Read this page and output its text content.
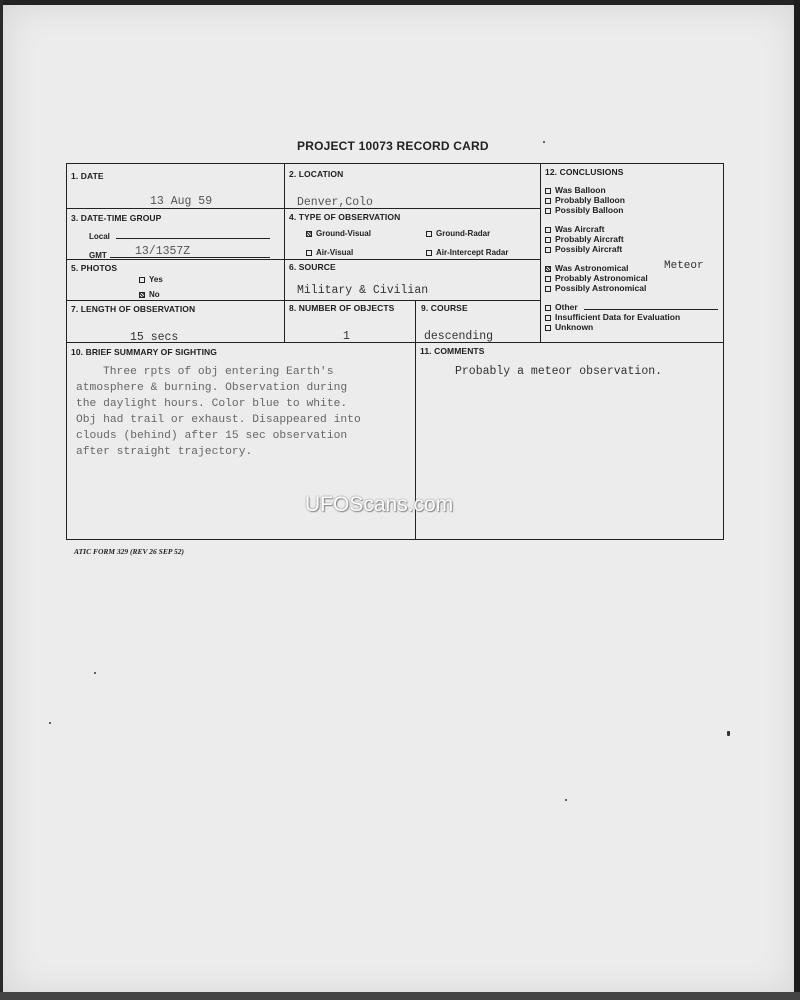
PROJECT 10073 RECORD CARD
1. DATE
13 Aug 59
2. LOCATION
Denver,Colo
3. DATE-TIME GROUP
Local
GMT 13/1357Z
4. TYPE OF OBSERVATION
Ground-Visual	Ground-Radar
Air-Visual	Air-Intercept Radar
5. PHOTOS
Yes
No
6. SOURCE
Military & Civilian
7. LENGTH OF OBSERVATION
15 secs
8. NUMBER OF OBJECTS
1
9. COURSE
descending
10. BRIEF SUMMARY OF SIGHTING
Three rpts of obj entering Earth's
atmosphere & burning. Observation during
the daylight hours. Color blue to white.
Obj had trail or exhaust. Disappeared into
clouds (behind) after 15 sec observation
after straight trajectory.
11. COMMENTS
Probably a meteor observation.
12. CONCLUSIONS
Was Balloon
Probably Balloon
Possibly Balloon
Was Aircraft
Probably Aircraft
Possibly Aircraft
Was Astronomical	Meteor
Probably Astronomical
Possibly Astronomical
Other
Insufficient Data for Evaluation
Unknown
ATIC FORM 329 (REV 26 SEP 52)
UFOScans.com
